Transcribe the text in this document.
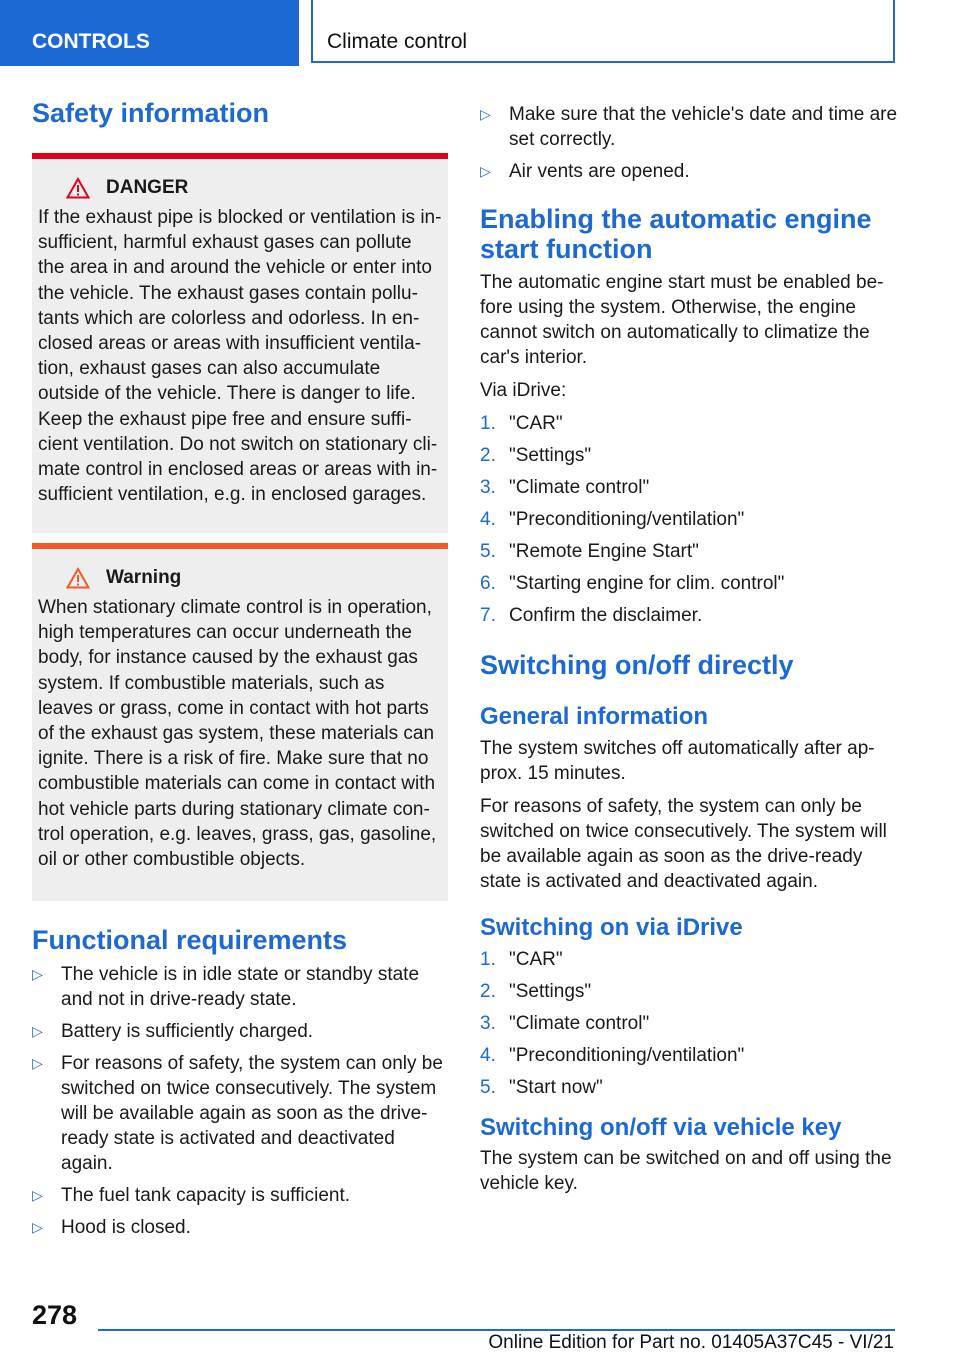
CONTROLS	Climate control
Safety information
DANGER

If the exhaust pipe is blocked or ventilation is insufficient, harmful exhaust gases can pollute the area in and around the vehicle or enter into the vehicle. The exhaust gases contain pollutants which are colorless and odorless. In enclosed areas or areas with insufficient ventilation, exhaust gases can also accumulate outside of the vehicle. There is danger to life. Keep the exhaust pipe free and ensure sufficient ventilation. Do not switch on stationary climate control in enclosed areas or areas with insufficient ventilation, e.g. in enclosed garages.

Warning

When stationary climate control is in operation, high temperatures can occur underneath the body, for instance caused by the exhaust gas system. If combustible materials, such as leaves or grass, come in contact with hot parts of the exhaust gas system, these materials can ignite. There is a risk of fire. Make sure that no combustible materials can come in contact with hot vehicle parts during stationary climate control operation, e.g. leaves, grass, gas, gasoline, oil or other combustible objects.

Functional requirements
▷ The vehicle is in idle state or standby state and not in drive-ready state.
▷ Battery is sufficiently charged.
▷ For reasons of safety, the system can only be switched on twice consecutively. The system will be available again as soon as the drive-ready state is activated and deactivated again.
▷ The fuel tank capacity is sufficient.
▷ Hood is closed.
▷ Make sure that the vehicle's date and time are set correctly.
▷ Air vents are opened.
Enabling the automatic engine start function

The automatic engine start must be enabled before using the system. Otherwise, the engine cannot switch on automatically to climatize the car's interior.

Via iDrive:

1. "CAR"
2. "Settings"
3. "Climate control"
4. "Preconditioning/ventilation"
5. "Remote Engine Start"
6. "Starting engine for clim. control"
7. Confirm the disclaimer.
Switching on/off directly
General information

The system switches off automatically after approx. 15 minutes.

For reasons of safety, the system can only be switched on twice consecutively. The system will be available again as soon as the drive-ready state is activated and deactivated again.

Switching on via iDrive
1. "CAR"
2. "Settings"
3. "Climate control"
4. "Preconditioning/ventilation"
5. "Start now"
Switching on/off via vehicle key

The system can be switched on and off using the vehicle key.

278
Online Edition for Part no. 01405A37C45 - VI/21
